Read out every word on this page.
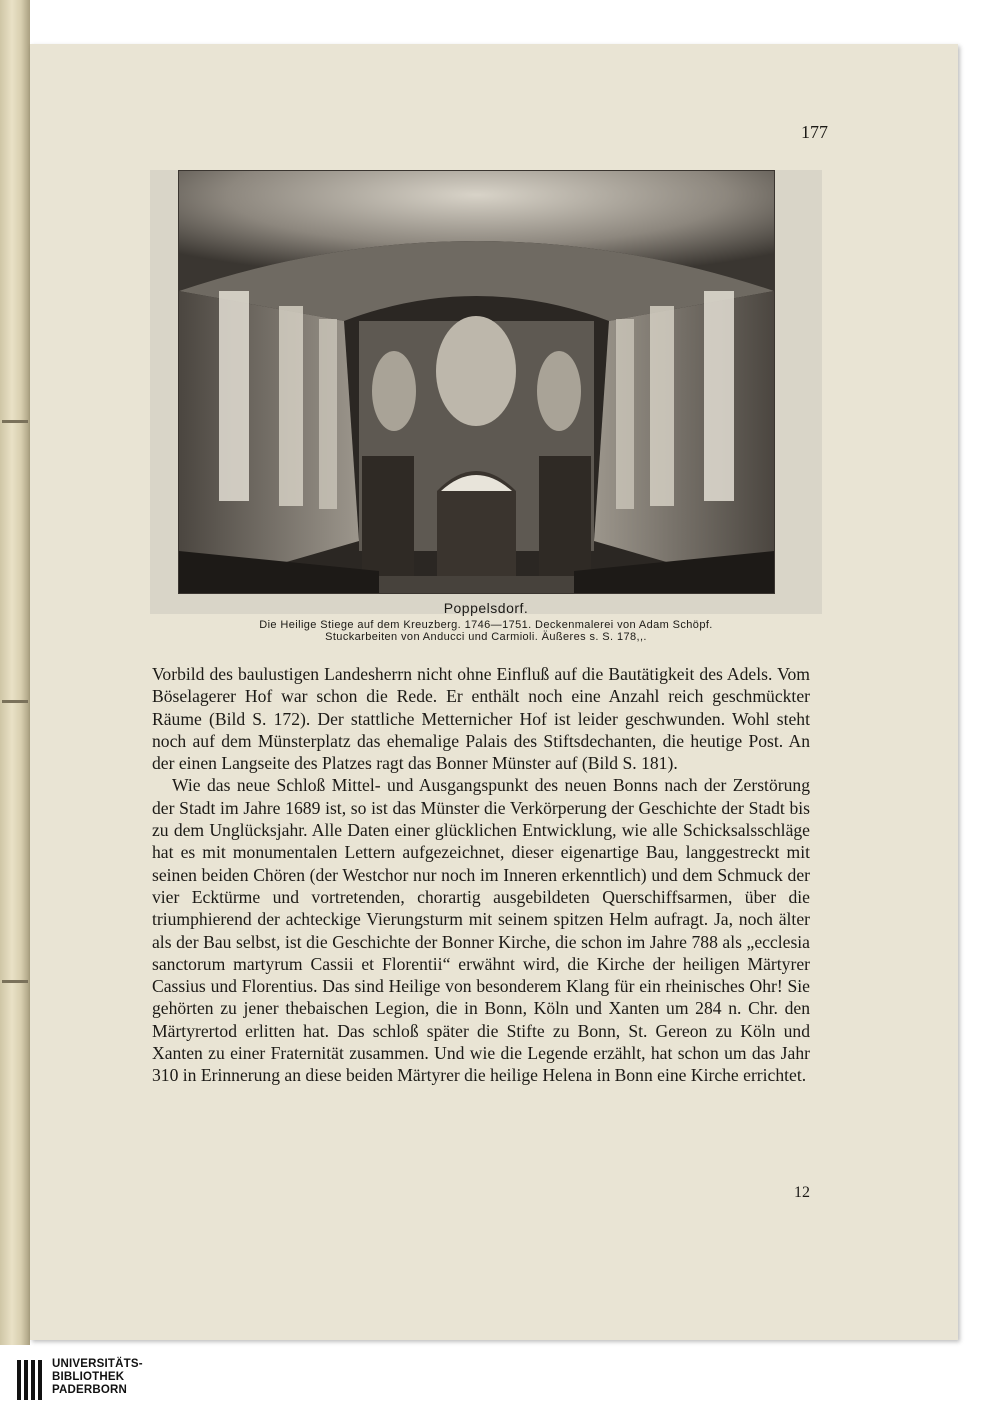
177
Poppelsdorf.
Die Heilige Stiege auf dem Kreuzberg. 1746—1751. Deckenmalerei von Adam Schöpf.
Stuckarbeiten von Anducci und Carmioli. Äußeres s. S. 178,,.

Vorbild des baulustigen Landesherrn nicht ohne Einfluß auf die Bautätigkeit des Adels. Vom Böselagerer Hof war schon die Rede. Er enthält noch eine Anzahl reich geschmückter Räume (Bild S. 172). Der stattliche Metternicher Hof ist leider geschwunden. Wohl steht noch auf dem Münsterplatz das ehemalige Palais des Stiftsdechanten, die heutige Post. An der einen Langseite des Platzes ragt das Bonner Münster auf (Bild S. 181).

Wie das neue Schloß Mittel- und Ausgangspunkt des neuen Bonns nach der Zerstörung der Stadt im Jahre 1689 ist, so ist das Münster die Verkörperung der Geschichte der Stadt bis zu dem Unglücksjahr. Alle Daten einer glücklichen Entwicklung, wie alle Schicksalsschläge hat es mit monumentalen Lettern aufgezeichnet, dieser eigenartige Bau, langgestreckt mit seinen beiden Chören (der Westchor nur noch im Inneren erkenntlich) und dem Schmuck der vier Ecktürme und vortretenden, chorartig ausgebildeten Querschiffsarmen, über die triumphierend der achteckige Vierungsturm mit seinem spitzen Helm aufragt. Ja, noch älter als der Bau selbst, ist die Geschichte der Bonner Kirche, die schon im Jahre 788 als „ecclesia sanctorum martyrum Cassii et Florentii“ erwähnt wird, die Kirche der heiligen Märtyrer Cassius und Florentius. Das sind Heilige von besonderem Klang für ein rheinisches Ohr! Sie gehörten zu jener thebaischen Legion, die in Bonn, Köln und Xanten um 284 n. Chr. den Märtyrertod erlitten hat. Das schloß später die Stifte zu Bonn, St. Gereon zu Köln und Xanten zu einer Fraternität zusammen. Und wie die Legende erzählt, hat schon um das Jahr 310 in Erinnerung an diese beiden Märtyrer die heilige Helena in Bonn eine Kirche errichtet.

12
UNIVERSITÄTS-
BIBLIOTHEK
PADERBORN
